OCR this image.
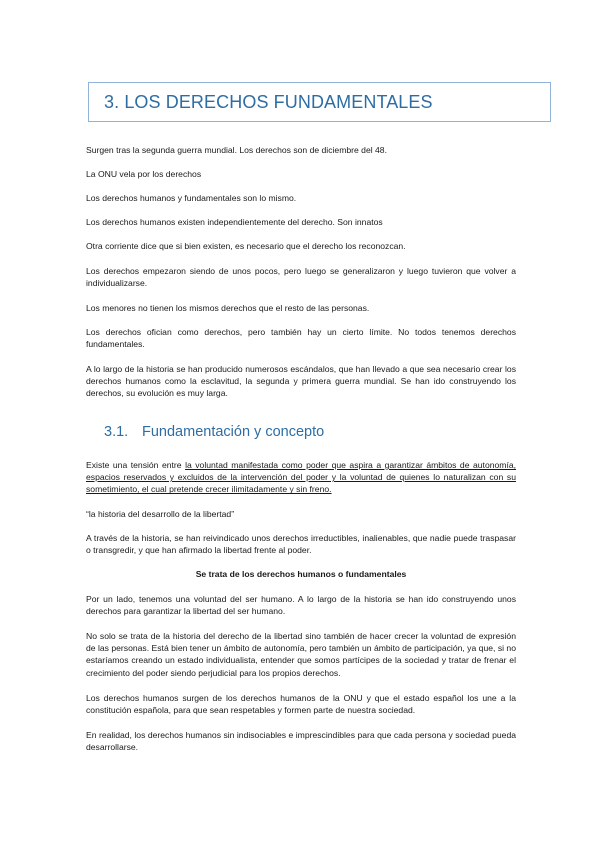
3. LOS DERECHOS FUNDAMENTALES
Surgen tras la segunda guerra mundial. Los derechos son de diciembre del 48.
La ONU vela por los derechos
Los derechos humanos y fundamentales son lo mismo.
Los derechos humanos existen independientemente del derecho. Son innatos
Otra corriente dice que si bien existen, es necesario que el derecho los reconozcan.
Los derechos empezaron siendo de unos pocos, pero luego se generalizaron y luego tuvieron que volver a individualizarse.
Los menores no tienen los mismos derechos que el resto de las personas.
Los derechos ofician como derechos, pero también hay un cierto límite. No todos tenemos derechos fundamentales.
A lo largo de la historia se han producido numerosos escándalos, que han llevado a que sea necesario crear los derechos humanos como la esclavitud, la segunda y primera guerra mundial. Se han ido construyendo los derechos, su evolución es muy larga.
3.1. Fundamentación y concepto
Existe una tensión entre la voluntad manifestada como poder que aspira a garantizar ámbitos de autonomía, espacios reservados y excluidos de la intervención del poder y la voluntad de quienes lo naturalizan con su sometimiento, el cual pretende crecer ilimitadamente y sin freno.
“la historia del desarrollo de la libertad”
A través de la historia, se han reivindicado unos derechos irreductibles, inalienables, que nadie puede traspasar o transgredir, y que han afirmado la libertad frente al poder.
Se trata de los derechos humanos o fundamentales
Por un lado, tenemos una voluntad del ser humano. A lo largo de la historia se han ido construyendo unos derechos para garantizar la libertad del ser humano.
No solo se trata de la historia del derecho de la libertad sino también de hacer crecer la voluntad de expresión de las personas. Está bien tener un ámbito de autonomía, pero también un ámbito de participación, ya que, si no estaríamos creando un estado individualista, entender que somos partícipes de la sociedad y tratar de frenar el crecimiento del poder siendo perjudicial para los propios derechos.
Los derechos humanos surgen de los derechos humanos de la ONU y que el estado español los une a la constitución española, para que sean respetables y formen parte de nuestra sociedad.
En realidad, los derechos humanos sin indisociables e imprescindibles para que cada persona y sociedad pueda desarrollarse.
